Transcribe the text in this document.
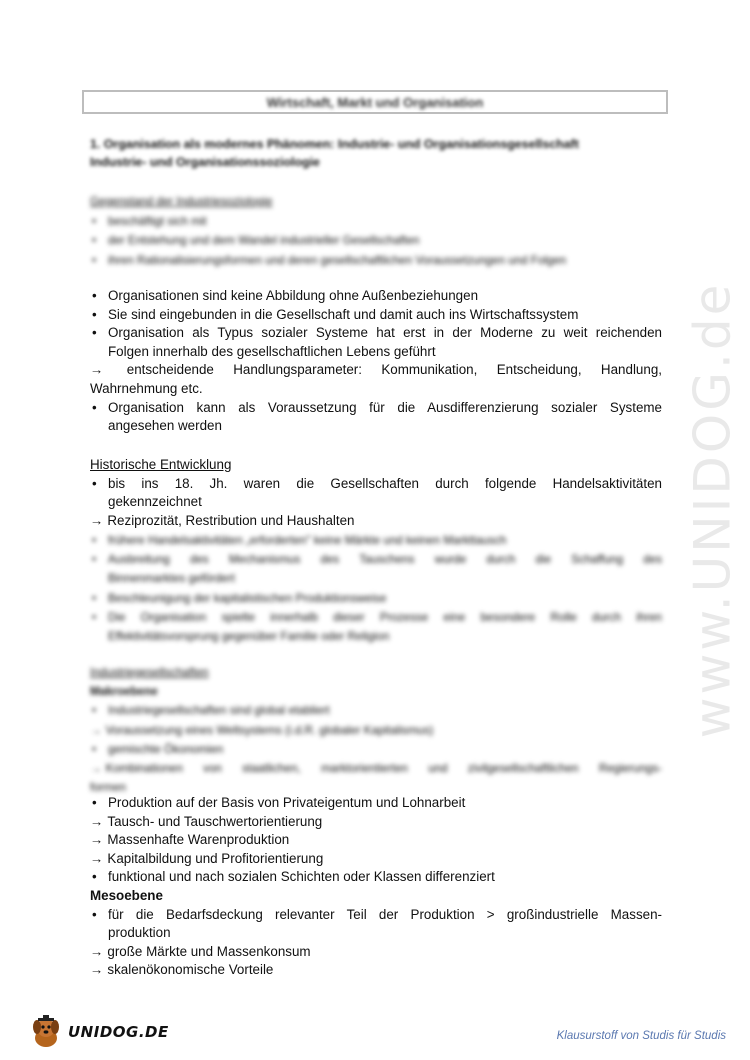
Wirtschaft, Markt und Organisation
1. Organisation als modernes Phänomen: Industrie- und Organisationsgesellschaft
Industrie- und Organisationssoziologie
Gegenstand der Industriesoziologie
• beschäftigt sich mit
• der Entstehung und dem Wandel industrieller Gesellschaften
• ihren Rationalisierungsformen und deren gesellschaftlichen Voraussetzungen und Folgen
• Organisationen sind keine Abbildung ohne Außenbeziehungen
• Sie sind eingebunden in die Gesellschaft und damit auch ins Wirtschaftssystem
• Organisation als Typus sozialer Systeme hat erst in der Moderne zu weit reichenden
Folgen innerhalb des gesellschaftlichen Lebens geführt
→ entscheidende Handlungsparameter: Kommunikation, Entscheidung, Handlung,
Wahrnehmung etc.
• Organisation kann als Voraussetzung für die Ausdifferenzierung sozialer Systeme
angesehen werden
Historische Entwicklung
• bis ins 18. Jh. waren die Gesellschaften durch folgende Handelsaktivitäten
gekennzeichnet
→ Reziprozität, Restribution und Haushalten
• frühere Handelsaktivitäten „erforderten" keine Märkte und keinen Markttausch
• Ausbreitung des Mechanismus des Tauschens wurde durch die Schaffung des
Binnenmarktes gefördert
• Beschleunigung der kapitalistischen Produktionsweise
• Die Organisation spielte innerhalb dieser Prozesse eine besondere Rolle durch ihren
Effektivitätsvorsprung gegenüber Familie oder Religion
Industriegesellschaften
Makroebene
• Industriegesellschaften sind global etabliert
→ Voraussetzung eines Weltsystems (i.d.R. globaler Kapitalismus)
• gemischte Ökonomien
→ Kombinationen von staatlichen, marktorientierten und zivilgesellschaftlichen Regierungs-
formen
• Produktion auf der Basis von Privateigentum und Lohnarbeit
→ Tausch- und Tauschwertorientierung
→ Massenhafte Warenproduktion
→ Kapitalbildung und Profitorientierung
• funktional und nach sozialen Schichten oder Klassen differenziert
Mesoebene
• für die Bedarfsdeckung relevanter Teil der Produktion > großindustrielle Massen-
produktion
→ große Märkte und Massenkonsum
→ skalenökonomische Vorteile
www.UNIDOG.de
UNIDOG.DE	Klausurstoff von Studis für Studis
